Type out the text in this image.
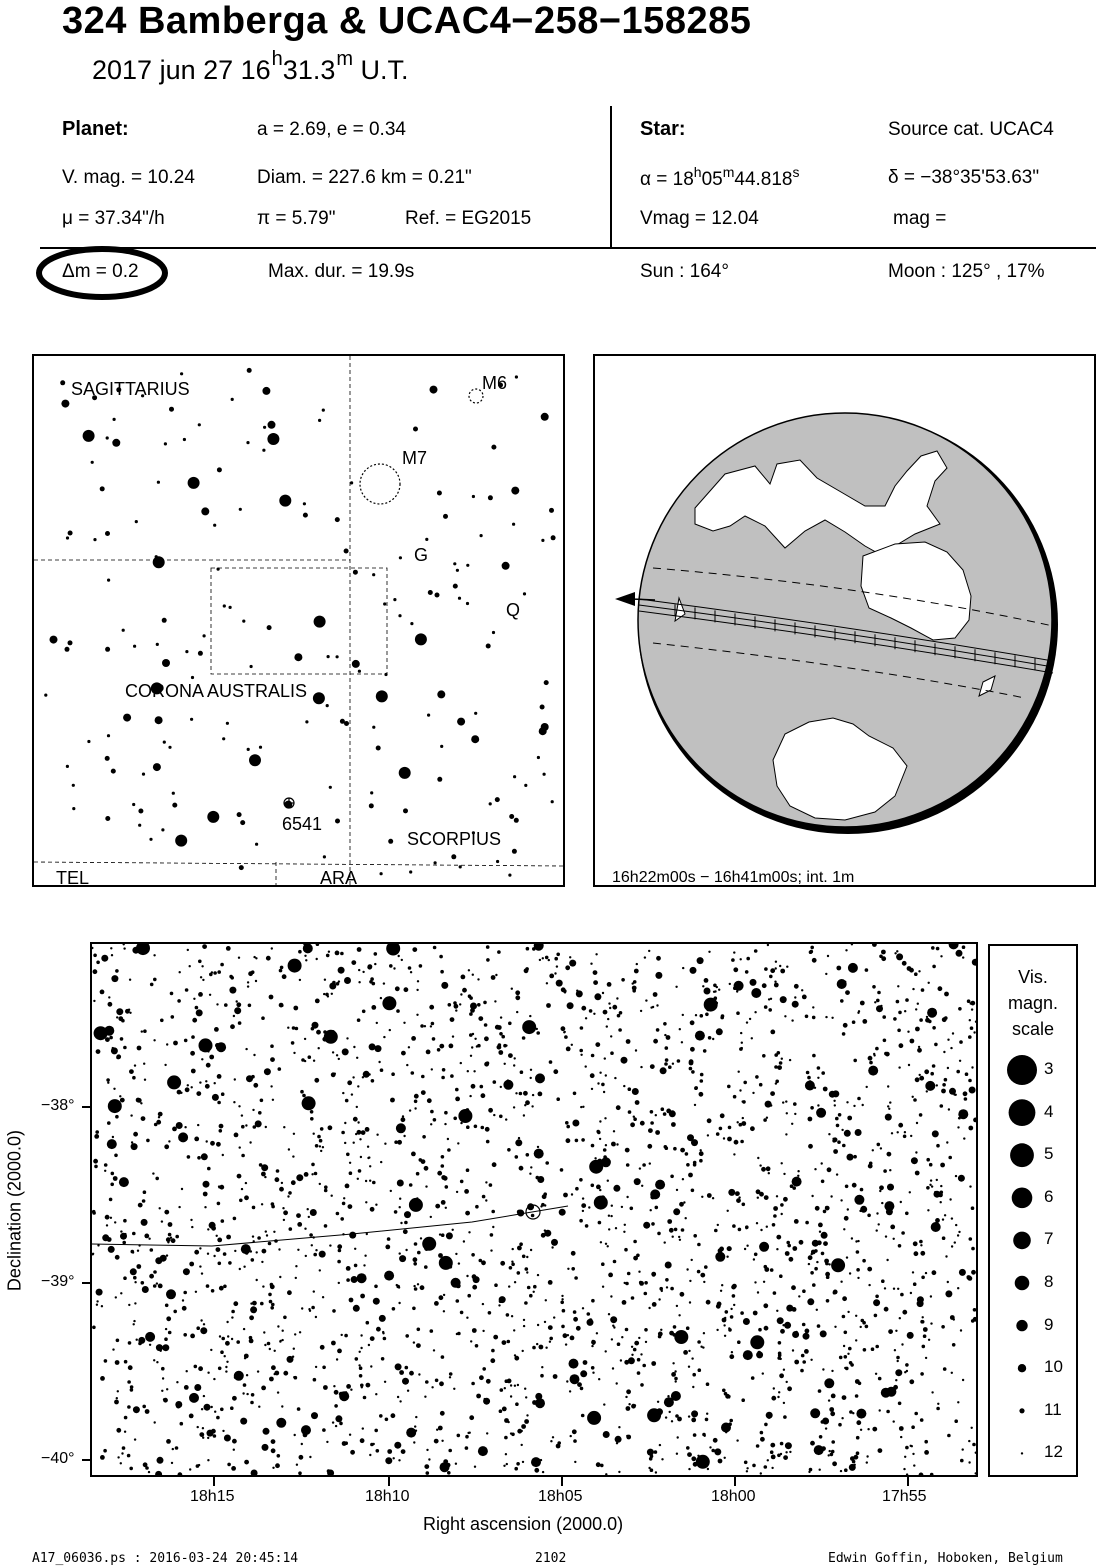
324 Bamberga & UCAC4−258−158285
2017 jun 27 16$^h$31.3$^m$ U.T.
Planet:	a = 2.69, e = 0.34
V. mag. = 10.24	Diam. = 227.6 km = 0.21"
μ = 37.34"/h	π = 5.79"	Ref. = EG2015
Star:	Source cat. UCAC4
$\alpha = 18^h05^m44.818^s$	δ = −38°35'53.63"
Vmag = 12.04	mag =
Δm = 0.2	Max. dur. = 19.9s	Sun : 164°	Moon : 125° , 17%
SAGITTARIUS
CORONA AUSTRALIS
SCORPIUS
TEL	ARA
M6
M7
6541
G
Q
16h22m00s − 16h41m00s; int. 1m
−38°
−39°
−40°
18h15	18h10	18h05	18h00	17h55
Right ascension (2000.0)
Declination (2000.0)
Vis.
magn.
scale
3
4
5
6
7
8
9
10
11
12
A17_06036.ps : 2016-03-24 20:45:14	2102	Edwin Goffin, Hoboken, Belgium
